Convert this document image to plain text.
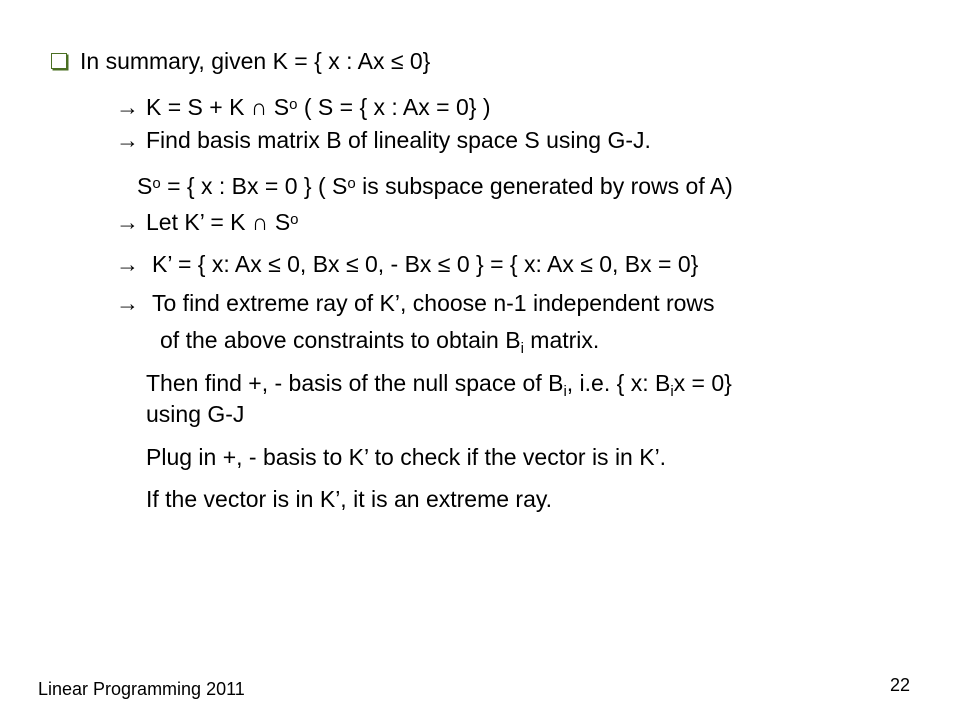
In summary, given K = { x : Ax ≤ 0}
→ K = S + K ∩ $S^o$ ( S = { x : Ax = 0} )
→ Find basis matrix B of lineality space S using G-J.
$S^o$ = { x : Bx = 0 } ( $S^o$ is subspace generated by rows of A)
→ Let K’ = K ∩ $S^o$
→ K’ = { x: Ax ≤ 0, Bx ≤ 0, - Bx ≤ 0 } = { x: Ax ≤ 0, Bx = 0}
→ To find extreme ray of K’, choose n-1 independent rows
of the above constraints to obtain $B_i$ matrix.
Then find +, - basis of the null space of $B_i$, i.e. { x: $B_ix = 0$}
using G-J
Plug in +, - basis to K’ to check if the vector is in K’.
If the vector is in K’, it is an extreme ray.
Linear Programming 2011	22
